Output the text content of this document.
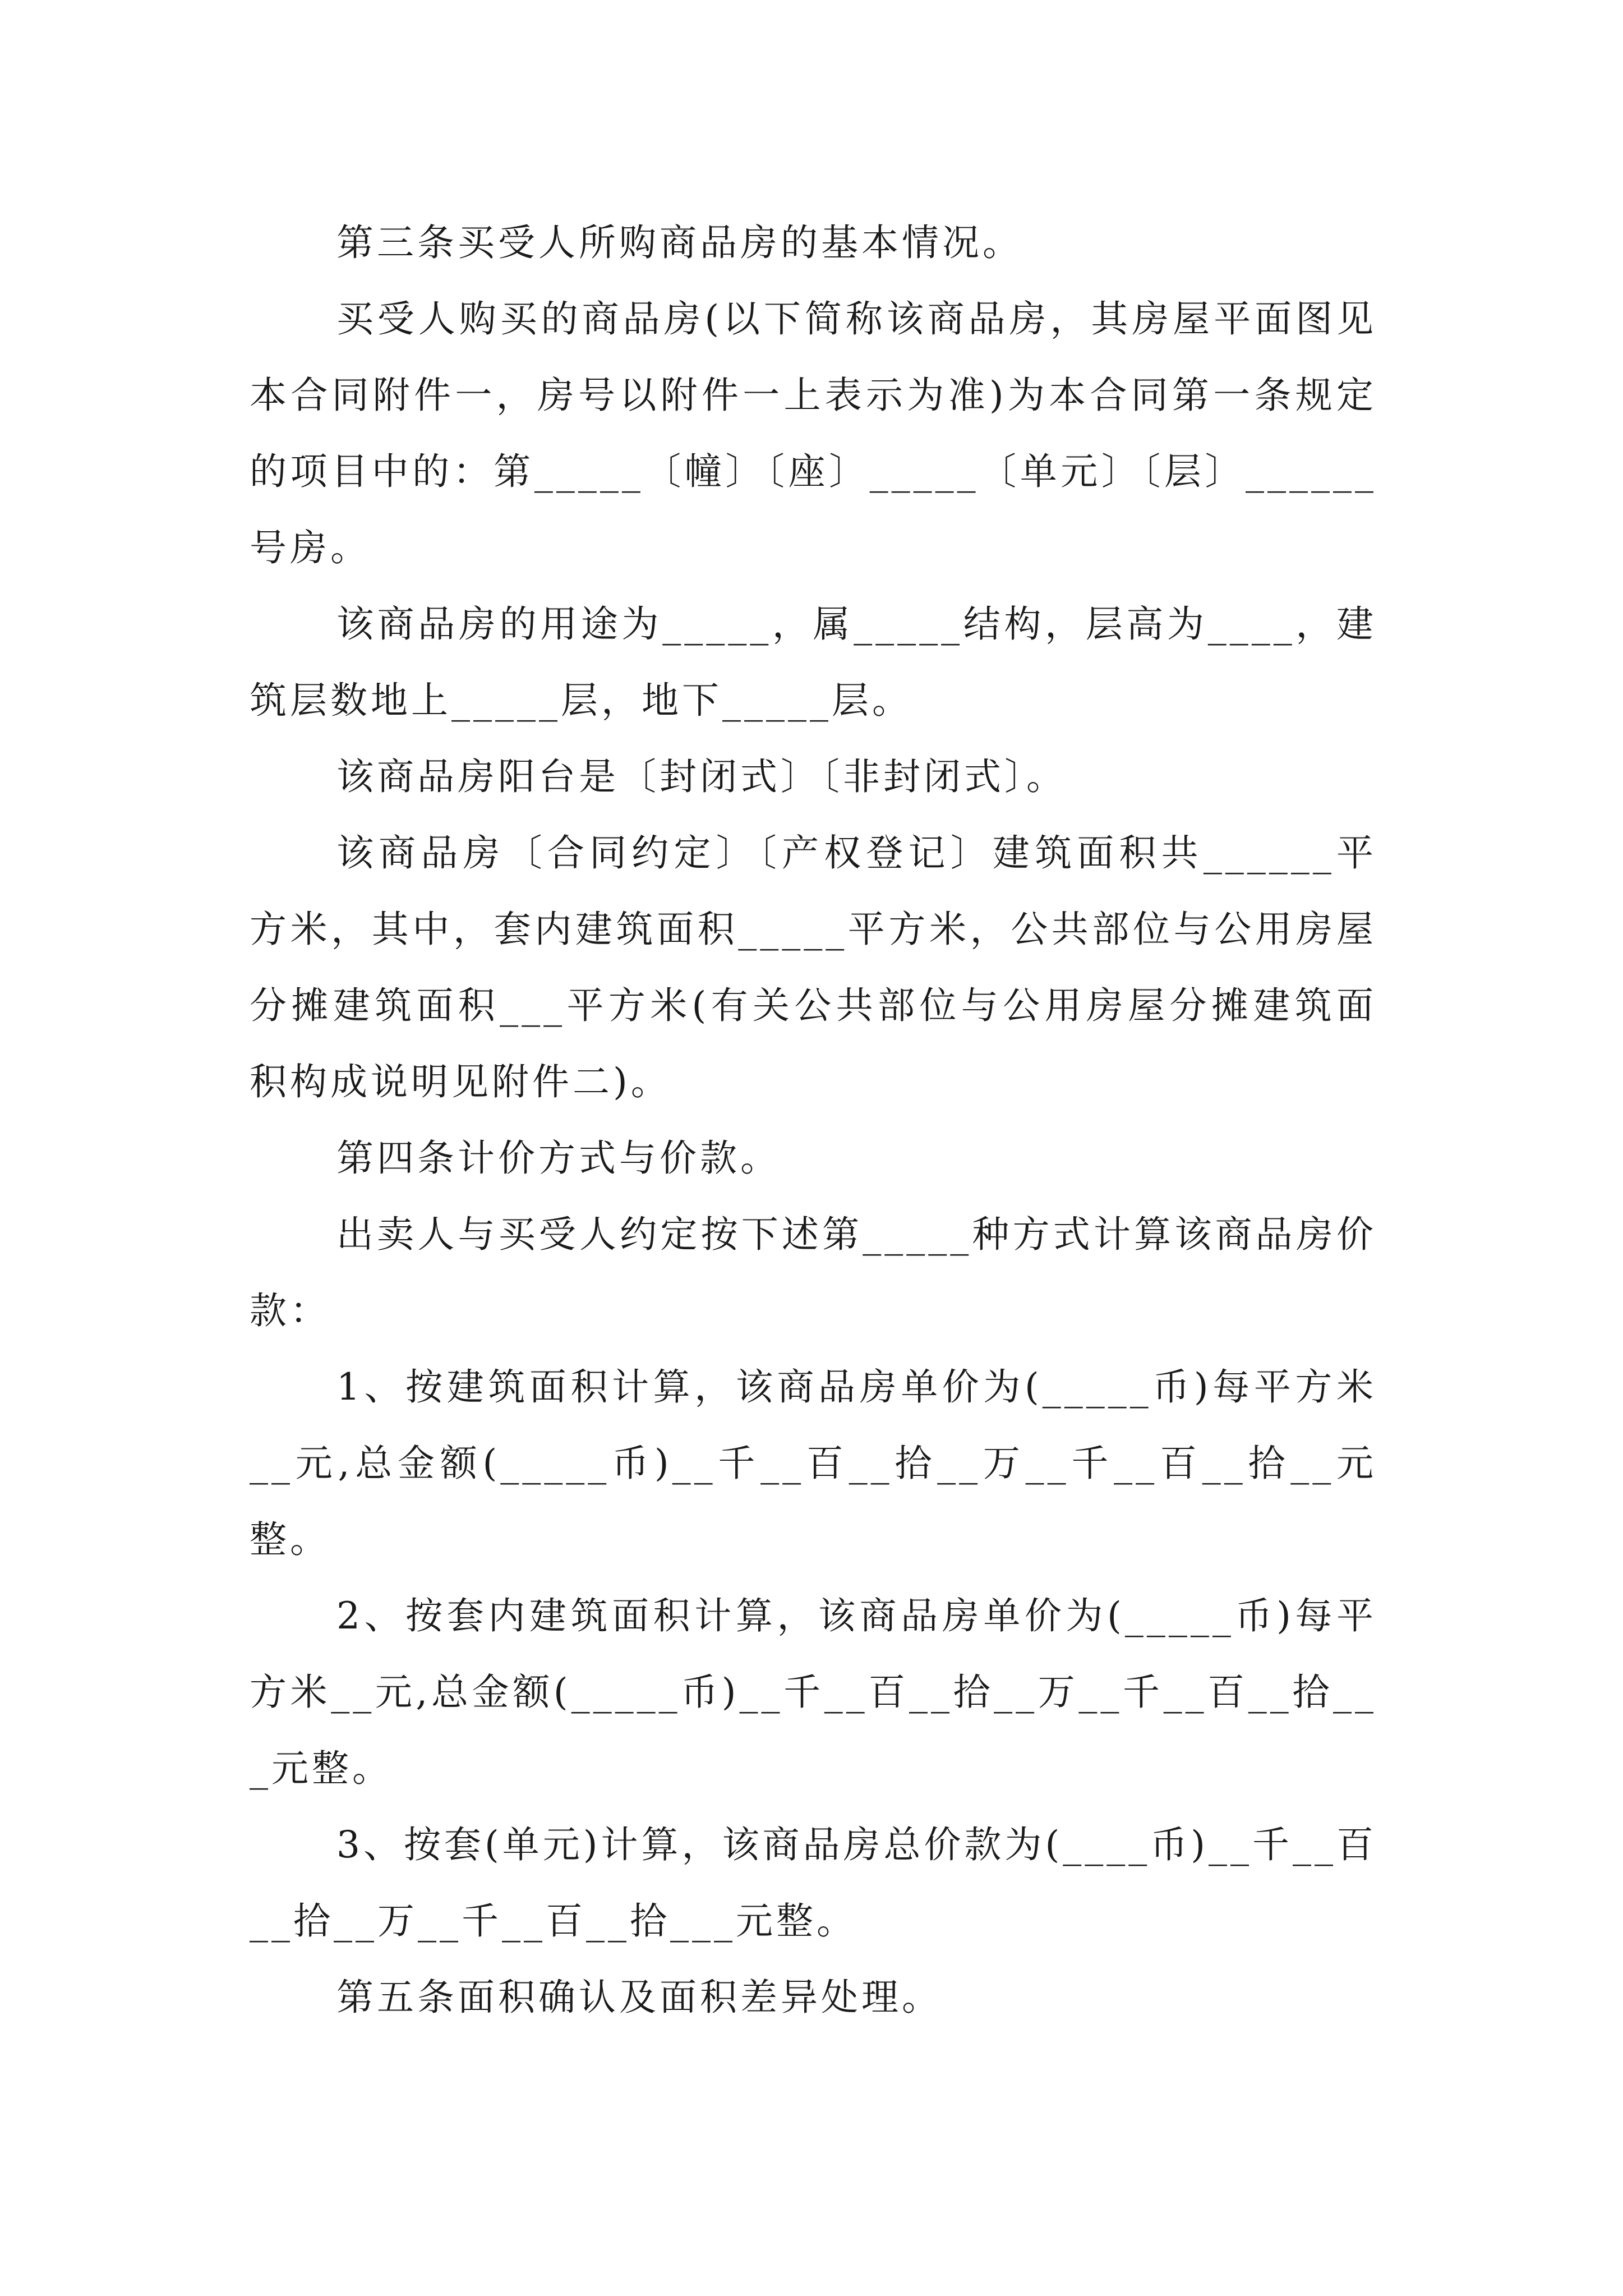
第三条买受人所购商品房的基本情况。

买受人购买的商品房(以下简称该商品房，其房屋平面图见本合同附件一，房号以附件一上表示为准)为本合同第一条规定的项目中的：第_____〔幢〕〔座〕_____〔单元〕〔层〕______号房。

该商品房的用途为_____，属_____结构，层高为____，建筑层数地上_____层，地下_____层。

该商品房阳台是〔封闭式〕〔非封闭式〕。

该商品房〔合同约定〕〔产权登记〕建筑面积共______平方米，其中，套内建筑面积_____平方米，公共部位与公用房屋分摊建筑面积___平方米(有关公共部位与公用房屋分摊建筑面积构成说明见附件二)。

第四条计价方式与价款。

出卖人与买受人约定按下述第_____种方式计算该商品房价款：

1、按建筑面积计算，该商品房单价为(_____币)每平方米__元,总金额(_____币)__千__百__拾__万__千__百__拾__元整。

2、按套内建筑面积计算，该商品房单价为(_____币)每平方米__元,总金额(_____币)__千__百__拾__万__千__百__拾___元整。

3、按套(单元)计算，该商品房总价款为(____币)__千__百__拾__万__千__百__拾___元整。

第五条面积确认及面积差异处理。
